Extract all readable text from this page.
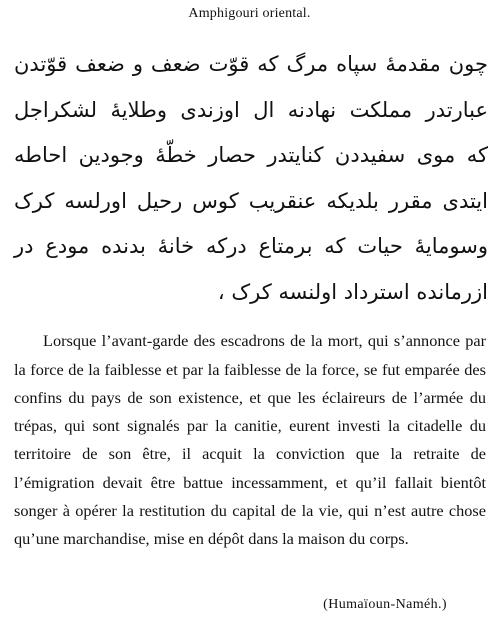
Amphigouri oriental.
چون مقدمهٔ سپاه مرگ که قوّت ضعف و ضعف قوّتدن
عبارتدر مملکت نهادنه ال اوزندی وطلایهٔ لشکراجل
که موی سفیددن کنایتدر حصار خطّهٔ وجودین احاطه
ایتدی مقرر بلدیکه عنقریب کوس رحیل اورلسه کرک
وسومایهٔ حیات که برمتاع درکه خانهٔ بدنده مودع در
ازرمانده استرداد اولنسه کرک ،

Lorsque l’avant-garde des escadrons de la mort, qui s’annonce par la force de la faiblesse et par la faiblesse de la force, se fut emparée des confins du pays de son existence, et que les éclaireurs de l’armée du trépas, qui sont signalés par la canitie, eurent investi la citadelle du territoire de son être, il acquit la conviction que la retraite de l’émigration devait être battue incessamment, et qu’il fallait bientôt songer à opérer la restitution du capital de la vie, qui n’est autre chose qu’une marchandise, mise en dépôt dans la maison du corps.

(Humaïoun-Naméh.)
